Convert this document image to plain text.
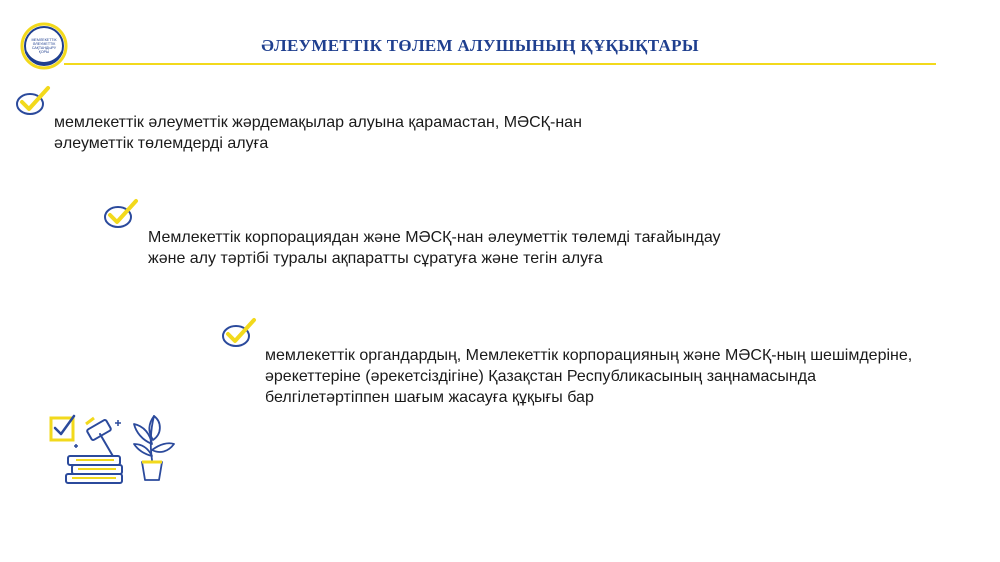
МЕМЛЕКЕТТІК
ӘЛЕУМЕТТІК
САҚТАНДЫРУ
ҚОРЫ	ӘЛЕУМЕТТІК ТӨЛЕМ АЛУШЫНЫҢ ҚҰҚЫҚТАРЫ
мемлекеттік әлеуметтік жәрдемақылар алуына қарамастан, МӘСҚ-нан
әлеуметтік төлемдерді алуға
Мемлекеттік корпорациядан және МӘСҚ-нан әлеуметтік төлемді тағайындау
және алу тәртібі туралы ақпаратты сұратуға және тегін алуға
мемлекеттік органдардың, Мемлекеттік корпорацияның және МӘСҚ-ның шешімдеріне,
әрекеттеріне (әрекетсіздігіне) Қазақстан Республикасының заңнамасында
белгілетәртіппен шағым жасауға құқығы бар
